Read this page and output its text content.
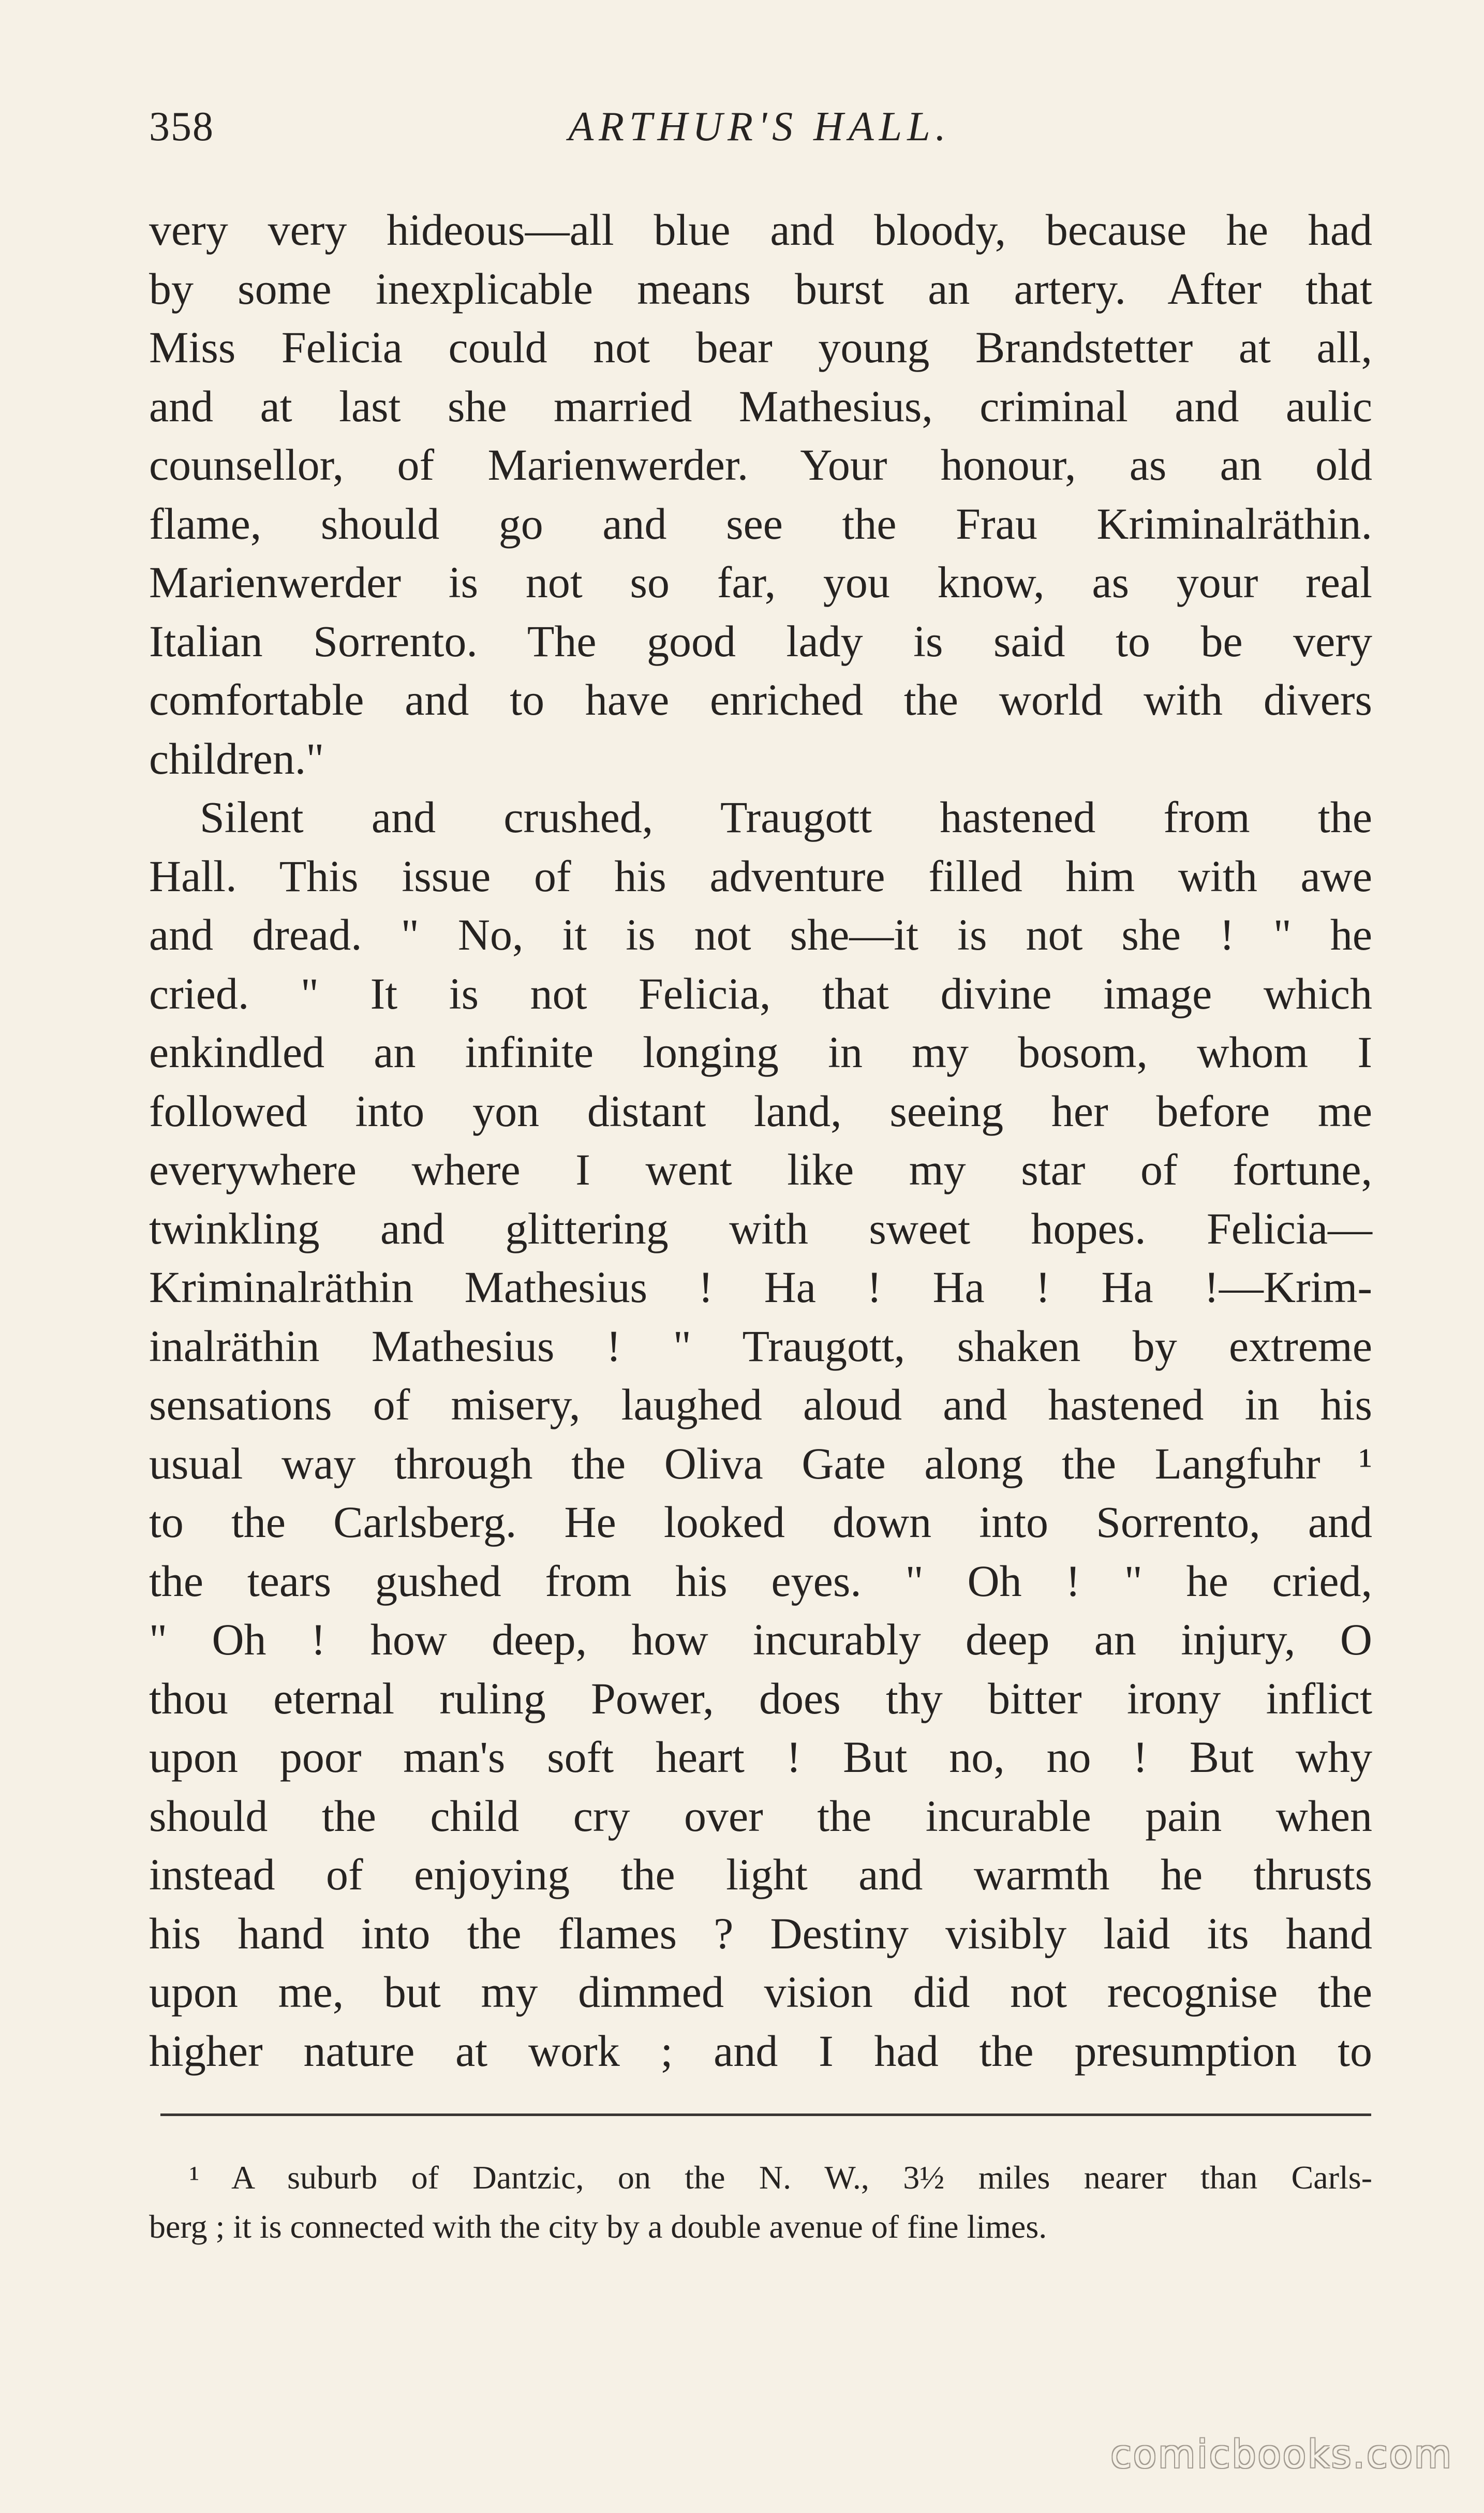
358	ARTHUR'S HALL.
very very hideous—all blue and bloody, because he had
by some inexplicable means burst an artery. After that
Miss Felicia could not bear young Brandstetter at all,
and at last she married Mathesius, criminal and aulic
counsellor, of Marienwerder. Your honour, as an old
flame, should go and see the Frau Kriminalräthin.
Marienwerder is not so far, you know, as your real
Italian Sorrento. The good lady is said to be very
comfortable and to have enriched the world with divers
children."
Silent and crushed, Traugott hastened from the
Hall. This issue of his adventure filled him with awe
and dread. " No, it is not she—it is not she ! " he
cried. " It is not Felicia, that divine image which
enkindled an infinite longing in my bosom, whom I
followed into yon distant land, seeing her before me
everywhere where I went like my star of fortune,
twinkling and glittering with sweet hopes. Felicia—
Kriminalräthin Mathesius ! Ha ! Ha ! Ha !—Krim-
inalräthin Mathesius ! " Traugott, shaken by extreme
sensations of misery, laughed aloud and hastened in his
usual way through the Oliva Gate along the Langfuhr ¹
to the Carlsberg. He looked down into Sorrento, and
the tears gushed from his eyes. " Oh ! " he cried,
" Oh ! how deep, how incurably deep an injury, O
thou eternal ruling Power, does thy bitter irony inflict
upon poor man's soft heart ! But no, no ! But why
should the child cry over the incurable pain when
instead of enjoying the light and warmth he thrusts
his hand into the flames ? Destiny visibly laid its hand
upon me, but my dimmed vision did not recognise the
higher nature at work ; and I had the presumption to
¹ A suburb of Dantzic, on the N. W., 3½ miles nearer than Carls-
berg ; it is connected with the city by a double avenue of fine limes.
comicbooks.com
